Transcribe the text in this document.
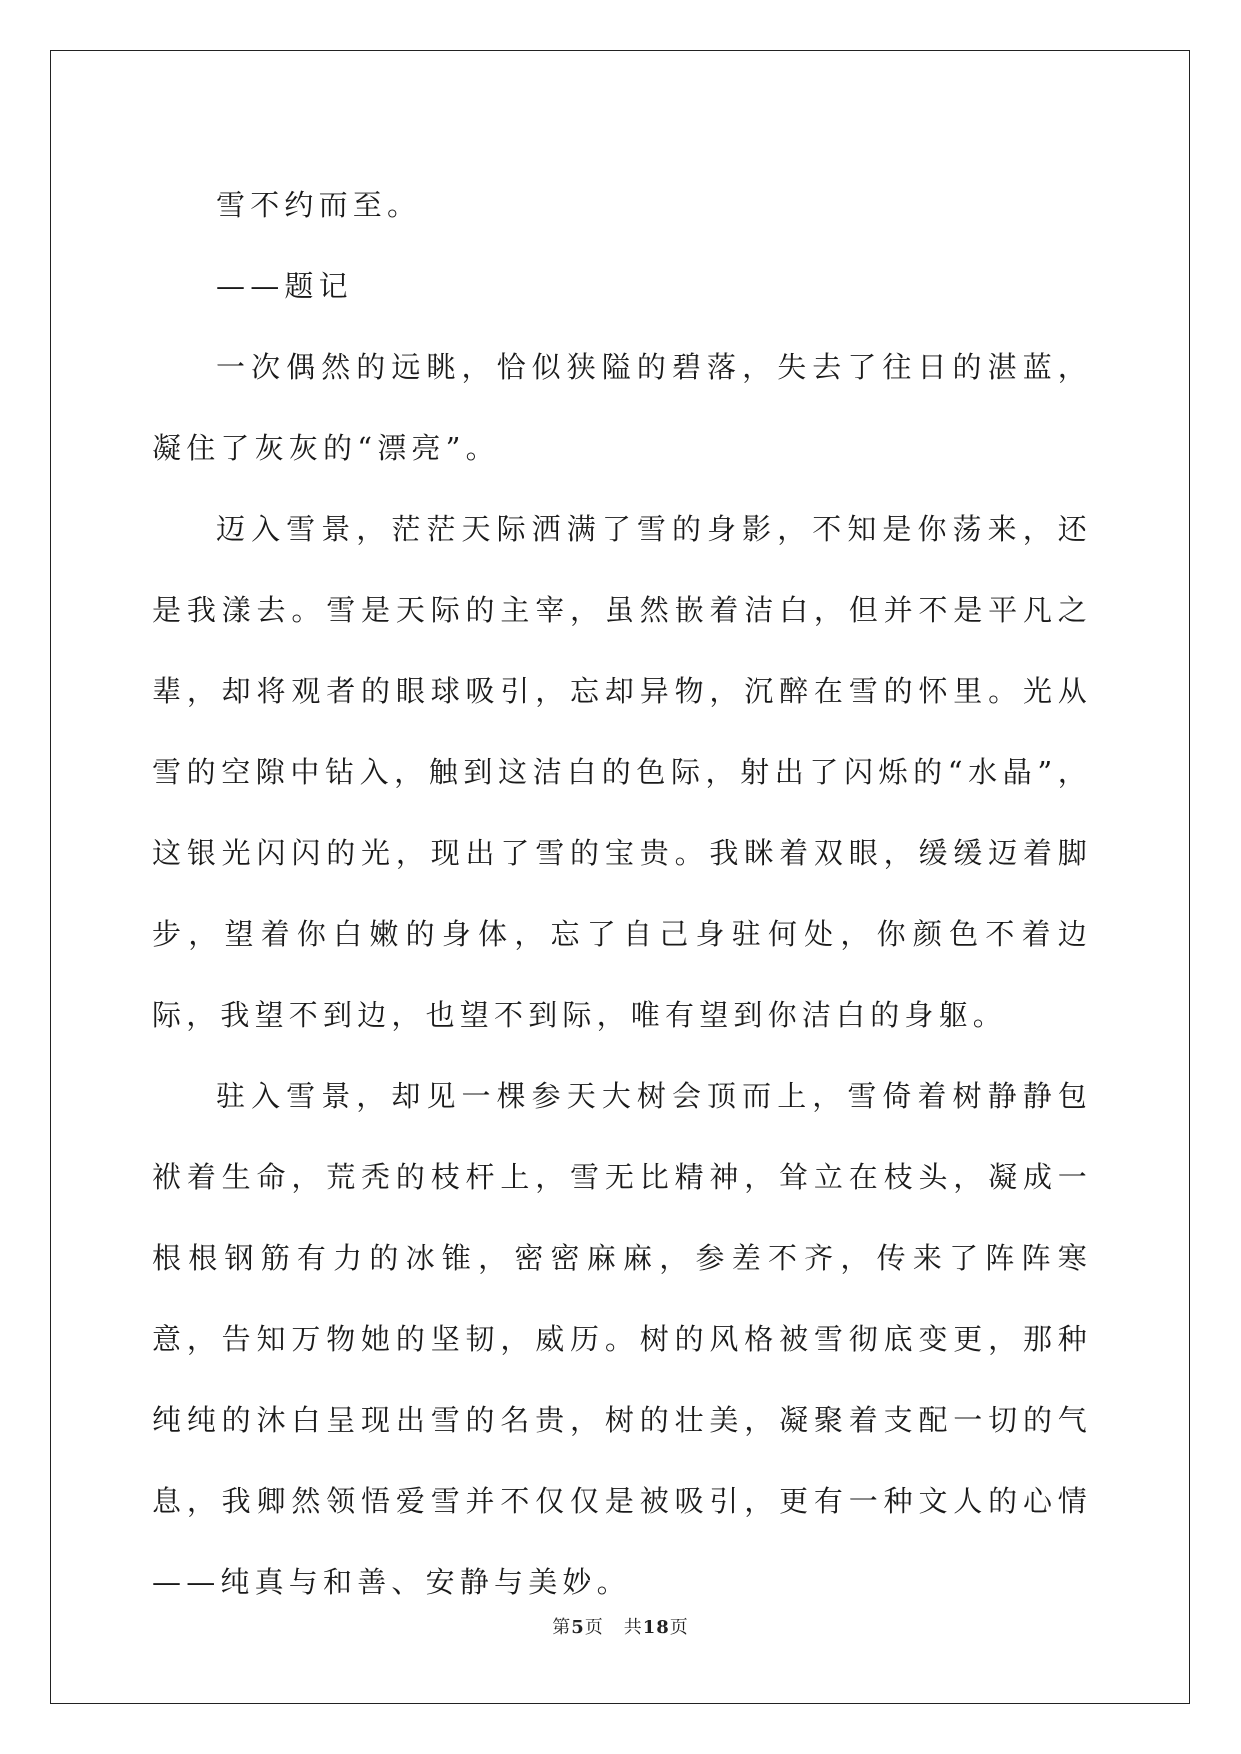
雪不约而至。

——题记

一次偶然的远眺，恰似狭隘的碧落，失去了往日的湛蓝，凝住了灰灰的“漂亮”。

迈入雪景，茫茫天际洒满了雪的身影，不知是你荡来，还是我漾去。雪是天际的主宰，虽然嵌着洁白，但并不是平凡之辈，却将观者的眼球吸引，忘却异物，沉醉在雪的怀里。光从雪的空隙中钻入，触到这洁白的色际，射出了闪烁的“水晶”，这银光闪闪的光，现出了雪的宝贵。我眯着双眼，缓缓迈着脚步，望着你白嫩的身体，忘了自己身驻何处，你颜色不着边际，我望不到边，也望不到际，唯有望到你洁白的身躯。

驻入雪景，却见一棵参天大树会顶而上，雪倚着树静静包袱着生命，荒秃的枝杆上，雪无比精神，耸立在枝头，凝成一根根钢筋有力的冰锥，密密麻麻，参差不齐，传来了阵阵寒意，告知万物她的坚韧，威历。树的风格被雪彻底变更，那种纯纯的沐白呈现出雪的名贵，树的壮美，凝聚着支配一切的气息，我卿然领悟爱雪并不仅仅是被吸引，更有一种文人的心情——纯真与和善、安静与美妙。

第5页 共18页
